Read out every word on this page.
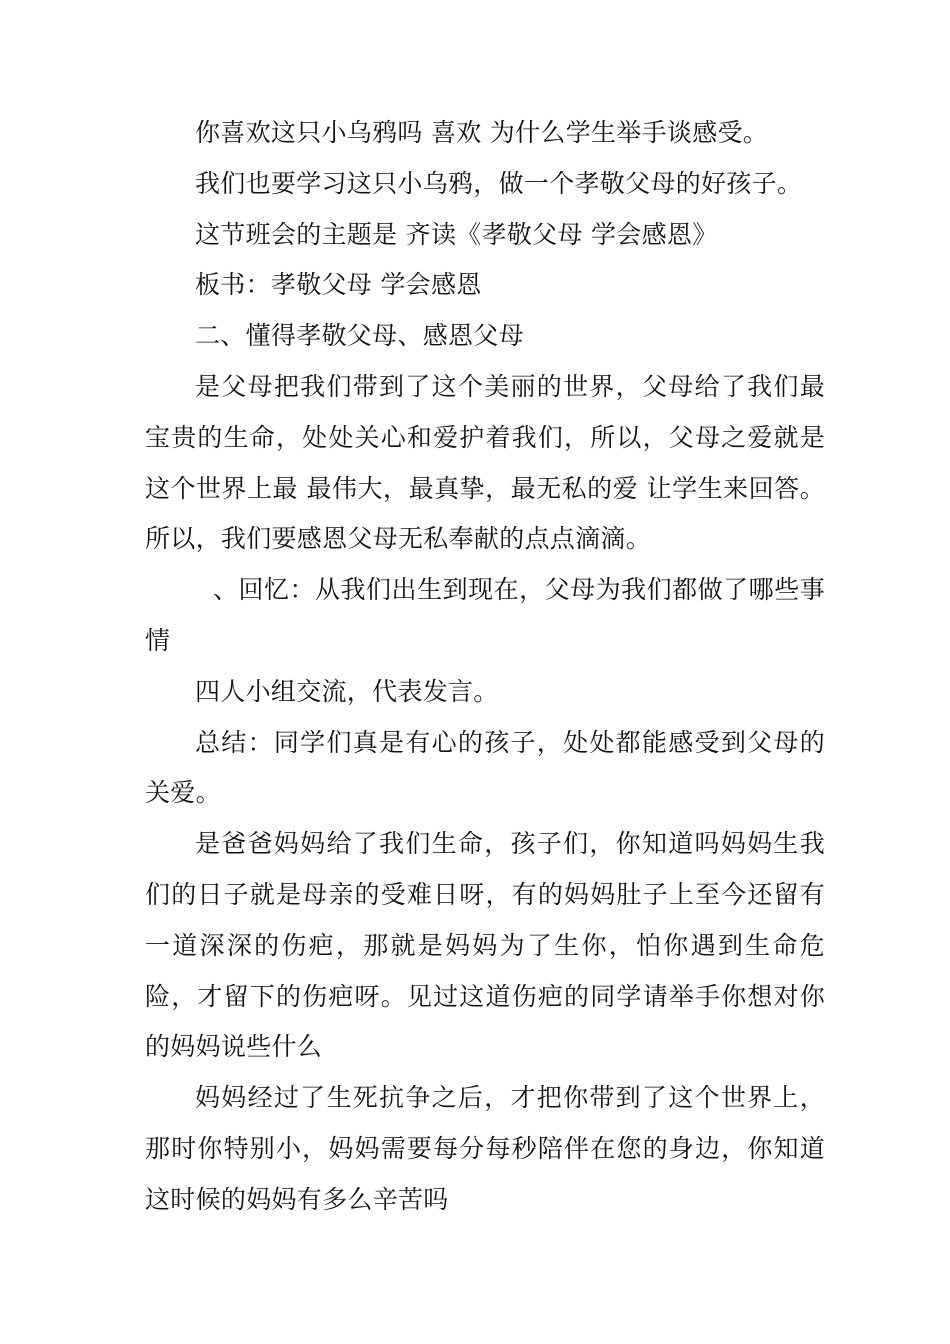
你喜欢这只小乌鸦吗 喜欢 为什么学生举手谈感受。

我们也要学习这只小乌鸦，做一个孝敬父母的好孩子。

这节班会的主题是 齐读《孝敬父母 学会感恩》

板书：孝敬父母 学会感恩

二、懂得孝敬父母、感恩父母

是父母把我们带到了这个美丽的世界，父母给了我们最宝贵的生命，处处关心和爱护着我们，所以，父母之爱就是这个世界上最 最伟大，最真挚，最无私的爱 让学生来回答。所以，我们要感恩父母无私奉献的点点滴滴。

、回忆：从我们出生到现在，父母为我们都做了哪些事情

四人小组交流，代表发言。

总结：同学们真是有心的孩子，处处都能感受到父母的关爱。

是爸爸妈妈给了我们生命，孩子们，你知道吗妈妈生我们的日子就是母亲的受难日呀，有的妈妈肚子上至今还留有一道深深的伤疤，那就是妈妈为了生你，怕你遇到生命危险，才留下的伤疤呀。见过这道伤疤的同学请举手你想对你的妈妈说些什么

妈妈经过了生死抗争之后，才把你带到了这个世界上，那时你特别小，妈妈需要每分每秒陪伴在您的身边，你知道这时候的妈妈有多么辛苦吗
